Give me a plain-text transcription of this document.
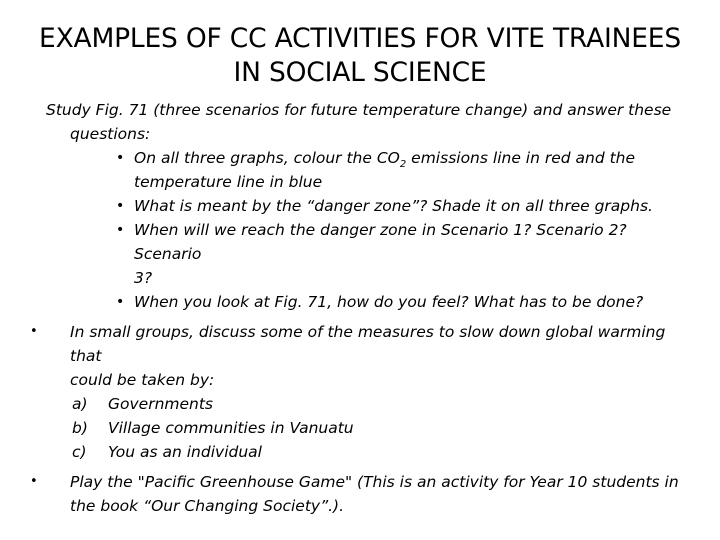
EXAMPLES OF CC ACTIVITIES FOR VITE TRAINEES
IN SOCIAL SCIENCE
Study Fig. 71 (three scenarios for future temperature change) and answer these
questions:
• On all three graphs, colour the $CO_2$ emissions line in red and the
temperature line in blue
• What is meant by the “danger zone”? Shade it on all three graphs.
• When will we reach the danger zone in Scenario 1? Scenario 2? Scenario
3?
• When you look at Fig. 71, how do you feel? What has to be done?
•	In small groups, discuss some of the measures to slow down global warming that
could be taken by:
a)	Governments
b)	Village communities in Vanuatu
c)	You as an individual
•	Play the "Pacific Greenhouse Game" (This is an activity for Year 10 students in
the book “Our Changing Society”.).
